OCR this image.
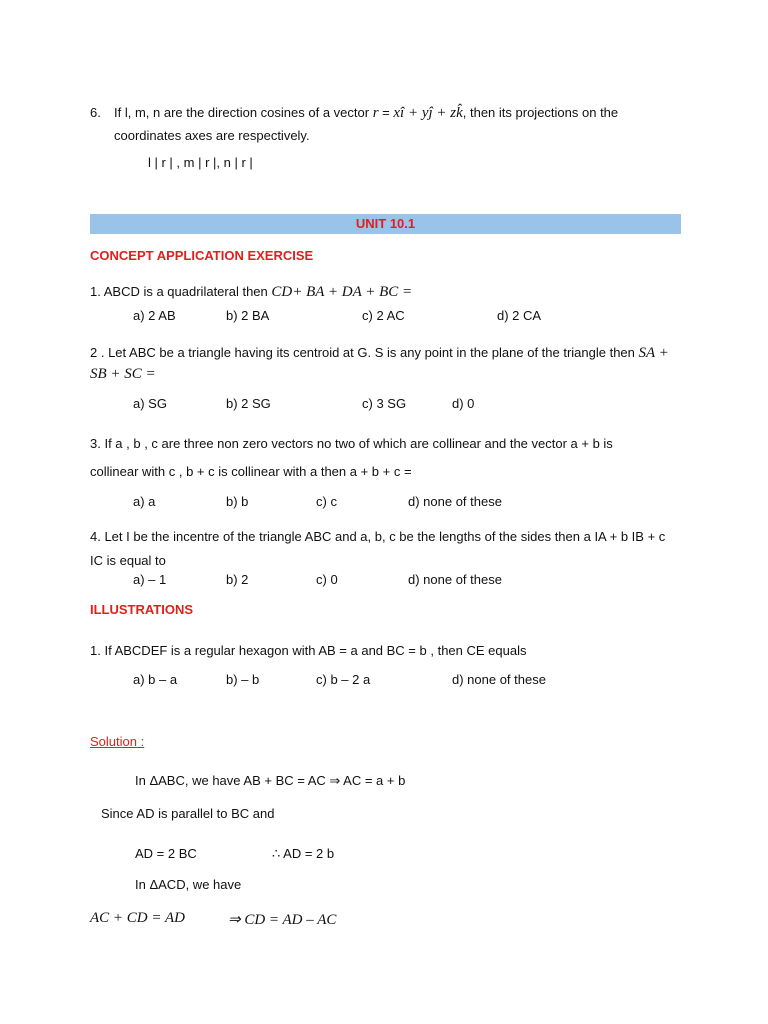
6. If l, m, n are the direction cosines of a vector r = xî + yĵ + zk̂, then its projections on the
coordinates axes are respectively.
l | r | , m | r |, n | r |
UNIT 10.1
CONCEPT APPLICATION EXERCISE
1. ABCD is a quadrilateral then CD+ BA + DA + BC =
a) 2 AB	b) 2 BA	c) 2 AC	d) 2 CA
2 . Let ABC be a triangle having its centroid at G. S is any point in the plane of the triangle then SA +
SB + SC =
a) SG	b) 2 SG	c) 3 SG	d) 0
3. If a , b , c are three non zero vectors no two of which are collinear and the vector a + b is
collinear with c , b + c is collinear with a then a + b + c =
a) a	b) b	c) c	d) none of these
4. Let I be the incentre of the triangle ABC and a, b, c be the lengths of the sides then a IA + b IB + c
IC is equal to
a) – 1	b) 2	c) 0	d) none of these
ILLUSTRATIONS
1. If ABCDEF is a regular hexagon with AB = a and BC = b , then CE equals
a) b – a	b) – b	c) b – 2 a	d) none of these
Solution :
In ΔABC, we have AB + BC = AC ⇒ AC = a + b
Since AD is parallel to BC and
AD = 2 BC	∴ AD = 2 b
In ΔACD, we have
AC + CD = AD	⇒ CD = AD – AC
